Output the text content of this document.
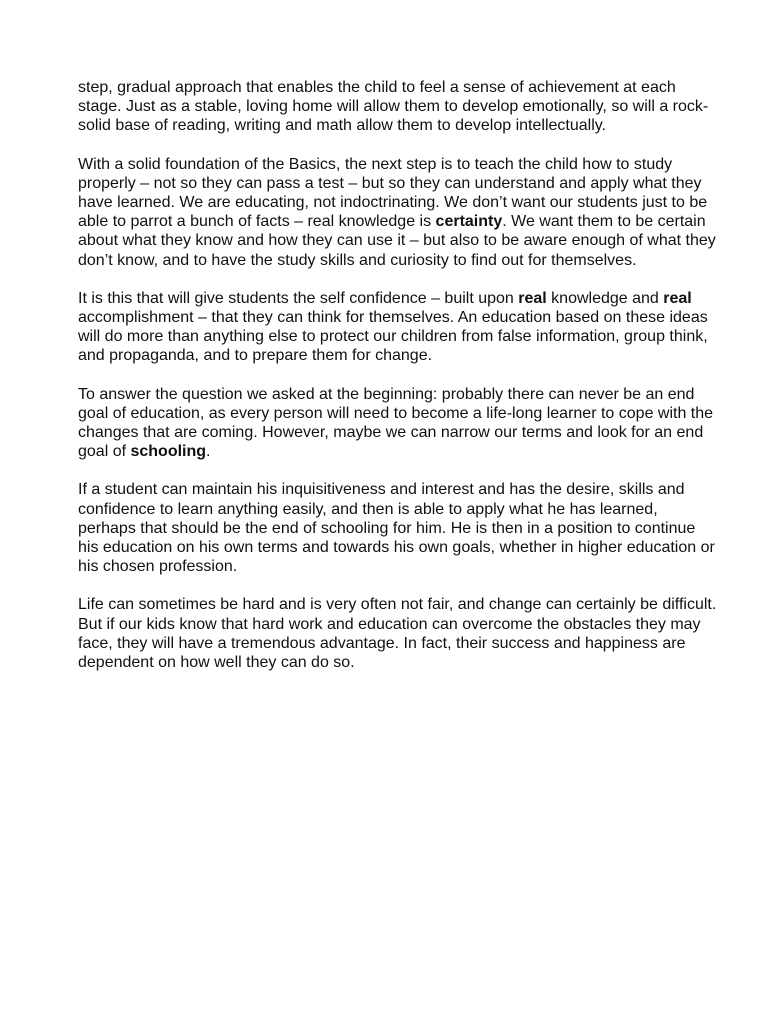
step, gradual approach that enables the child to feel a sense of achievement at each stage. Just as a stable, loving home will allow them to develop emotionally, so will a rock-solid base of reading, writing and math allow them to develop intellectually.

With a solid foundation of the Basics, the next step is to teach the child how to study properly – not so they can pass a test – but so they can understand and apply what they have learned. We are educating, not indoctrinating. We don’t want our students just to be able to parrot a bunch of facts – real knowledge is certainty. We want them to be certain about what they know and how they can use it – but also to be aware enough of what they don’t know, and to have the study skills and curiosity to find out for themselves.

It is this that will give students the self confidence – built upon real knowledge and real accomplishment – that they can think for themselves. An education based on these ideas will do more than anything else to protect our children from false information, group think, and propaganda, and to prepare them for change.

To answer the question we asked at the beginning: probably there can never be an end goal of education, as every person will need to become a life-long learner to cope with the changes that are coming. However, maybe we can narrow our terms and look for an end goal of schooling.

If a student can maintain his inquisitiveness and interest and has the desire, skills and confidence to learn anything easily, and then is able to apply what he has learned, perhaps that should be the end of schooling for him. He is then in a position to continue his education on his own terms and towards his own goals, whether in higher education or his chosen profession.

Life can sometimes be hard and is very often not fair, and change can certainly be difficult. But if our kids know that hard work and education can overcome the obstacles they may face, they will have a tremendous advantage. In fact, their success and happiness are dependent on how well they can do so.
